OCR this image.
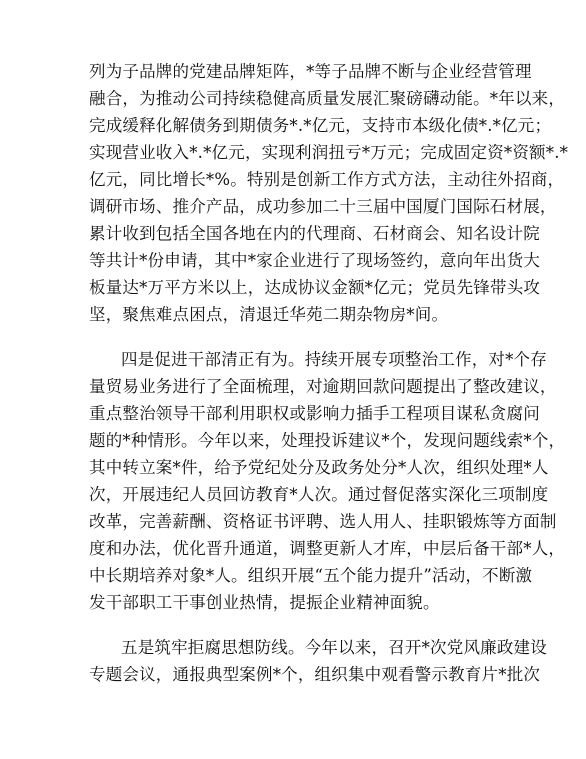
列为子品牌的党建品牌矩阵，*等子品牌不断与企业经营管理
融合，为推动公司持续稳健高质量发展汇聚磅礴动能。*年以来，
完成缓释化解债务到期债务*.*亿元，支持市本级化债*.*亿元；
实现营业收入*.*亿元，实现利润扭亏*万元；完成固定资*资额*.*
亿元，同比增长*%。特别是创新工作方式方法，主动往外招商，
调研市场、推介产品，成功参加二十三届中国厦门国际石材展，
累计收到包括全国各地在内的代理商、石材商会、知名设计院
等共计*份申请，其中*家企业进行了现场签约，意向年出货大
板量达*万平方米以上，达成协议金额*亿元；党员先锋带头攻
坚，聚焦难点困点，清退迁华苑二期杂物房*间。
四是促进干部清正有为。持续开展专项整治工作，对*个存
量贸易业务进行了全面梳理，对逾期回款问题提出了整改建议，
重点整治领导干部利用职权或影响力插手工程项目谋私贪腐问
题的*种情形。今年以来，处理投诉建议*个，发现问题线索*个，
其中转立案*件，给予党纪处分及政务处分*人次，组织处理*人
次，开展违纪人员回访教育*人次。通过督促落实深化三项制度
改革，完善薪酬、资格证书评聘、选人用人、挂职锻炼等方面制
度和办法，优化晋升通道，调整更新人才库，中层后备干部*人，
中长期培养对象*人。组织开展“五个能力提升”活动，不断激
发干部职工干事创业热情，提振企业精神面貌。
五是筑牢拒腐思想防线。今年以来，召开*次党风廉政建设
专题会议，通报典型案例*个，组织集中观看警示教育片*批次
